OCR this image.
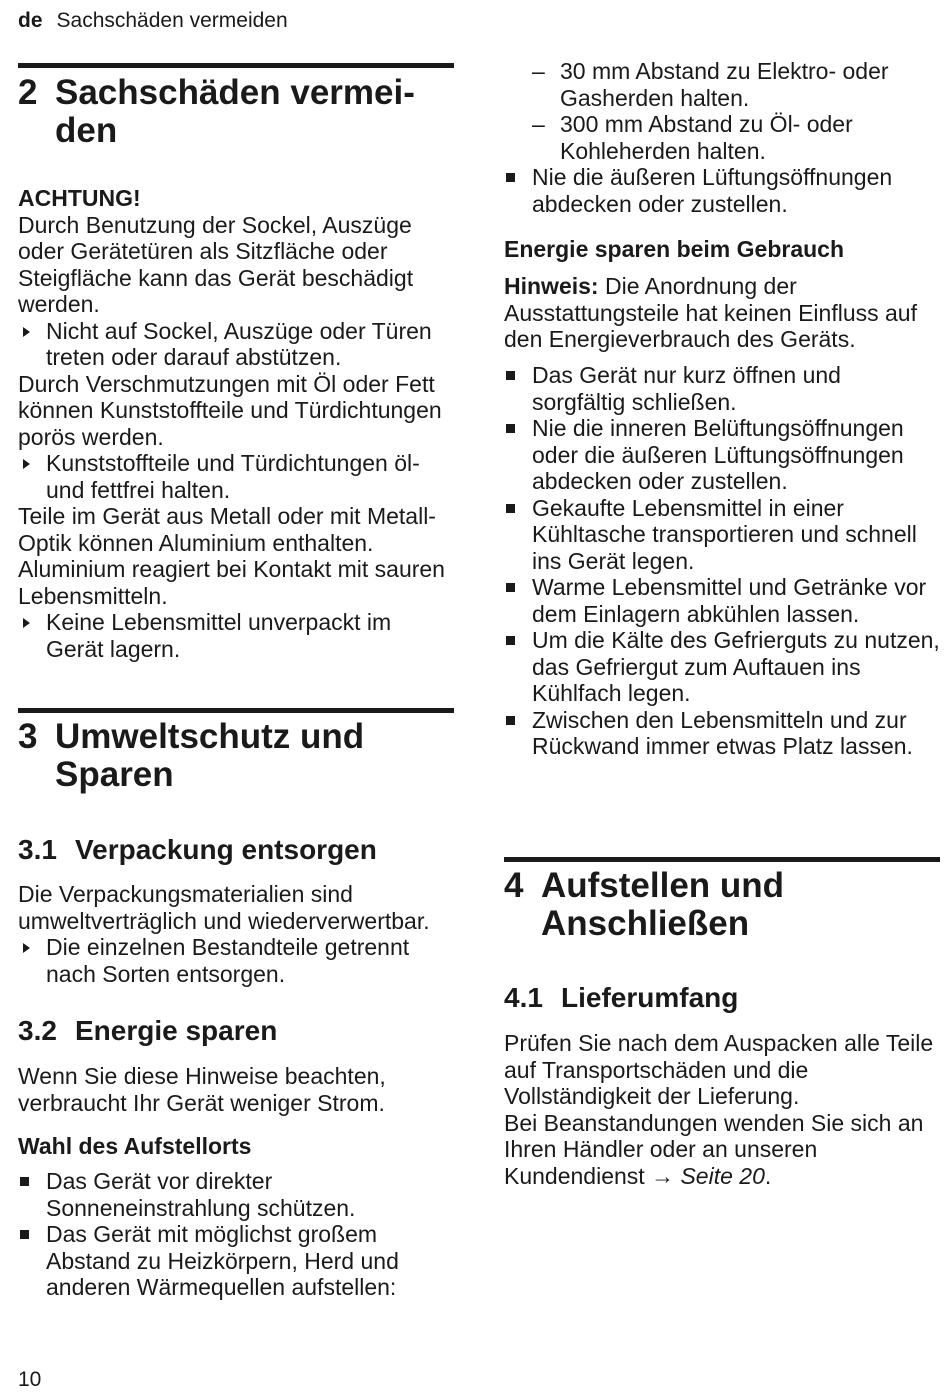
de Sachschäden vermeiden
2 Sachschäden vermei-
den
ACHTUNG!
Durch Benutzung der Sockel, Auszüge oder Gerätetüren als Sitzfläche oder Steigfläche kann das Gerät beschädigt werden.
Nicht auf Sockel, Auszüge oder Türen treten oder darauf abstützen.
Durch Verschmutzungen mit Öl oder Fett können Kunststoffteile und Türdichtungen porös werden.
Kunststoffteile und Türdichtungen öl- und fettfrei halten.
Teile im Gerät aus Metall oder mit Metall-Optik können Aluminium enthalten. Aluminium reagiert bei Kontakt mit sauren Lebensmitteln.
Keine Lebensmittel unverpackt im Gerät lagern.
3 Umweltschutz und
Sparen
3.1 Verpackung entsorgen
Die Verpackungsmaterialien sind umweltverträglich und wiederverwertbar.
Die einzelnen Bestandteile getrennt nach Sorten entsorgen.
3.2 Energie sparen
Wenn Sie diese Hinweise beachten, verbraucht Ihr Gerät weniger Strom.
Wahl des Aufstellorts
Das Gerät vor direkter Sonneneinstrahlung schützen.
Das Gerät mit möglichst großem Abstand zu Heizkörpern, Herd und anderen Wärmequellen aufstellen:
–
30 mm Abstand zu Elektro- oder Gasherden halten.
–
300 mm Abstand zu Öl- oder Kohleherden halten.
Nie die äußeren Lüftungsöffnungen abdecken oder zustellen.
Energie sparen beim Gebrauch
Hinweis: Die Anordnung der Ausstattungsteile hat keinen Einfluss auf den Energieverbrauch des Geräts.
Das Gerät nur kurz öffnen und sorgfältig schließen.
Nie die inneren Belüftungsöffnungen oder die äußeren Lüftungsöffnungen abdecken oder zustellen.
Gekaufte Lebensmittel in einer Kühltasche transportieren und schnell ins Gerät legen.
Warme Lebensmittel und Getränke vor dem Einlagern abkühlen lassen.
Um die Kälte des Gefrierguts zu nutzen, das Gefriergut zum Auftauen ins Kühlfach legen.
Zwischen den Lebensmitteln und zur Rückwand immer etwas Platz lassen.
4 Aufstellen und
Anschließen
4.1 Lieferumfang
Prüfen Sie nach dem Auspacken alle Teile auf Transportschäden und die Vollständigkeit der Lieferung.
Bei Beanstandungen wenden Sie sich an Ihren Händler oder an unseren Kundendienst → Seite 20.
10
